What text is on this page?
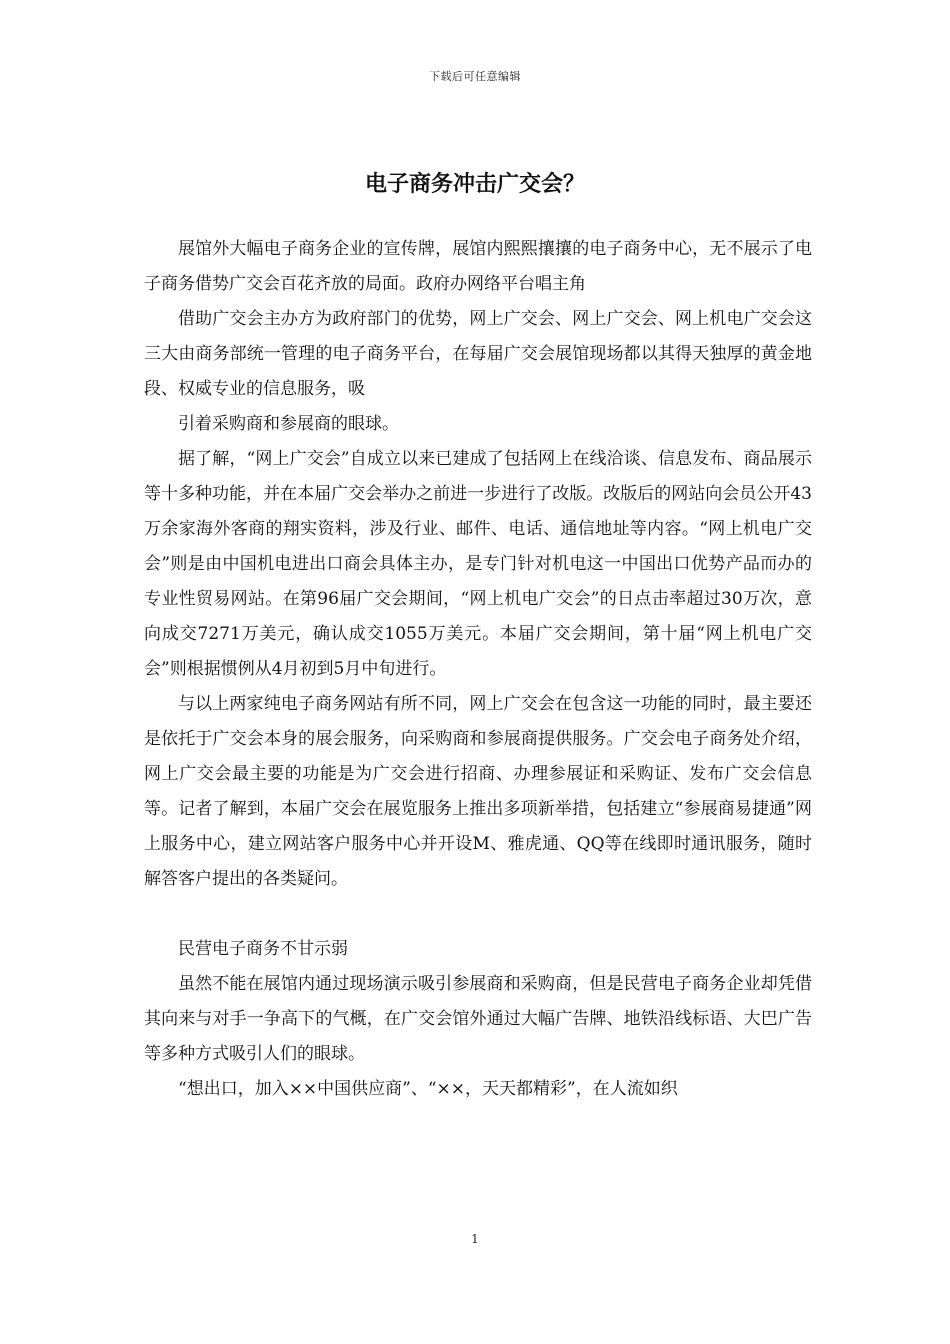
下载后可任意编辑
电子商务冲击广交会？

展馆外大幅电子商务企业的宣传牌，展馆内熙熙攘攘的电子商务中心，无不展示了电子商务借势广交会百花齐放的局面。政府办网络平台唱主角

借助广交会主办方为政府部门的优势，网上广交会、网上广交会、网上机电广交会这三大由商务部统一管理的电子商务平台，在每届广交会展馆现场都以其得天独厚的黄金地段、权威专业的信息服务，吸

引着采购商和参展商的眼球。

据了解，“网上广交会”自成立以来已建成了包括网上在线洽谈、信息发布、商品展示等十多种功能，并在本届广交会举办之前进一步进行了改版。改版后的网站向会员公开43万余家海外客商的翔实资料，涉及行业、邮件、电话、通信地址等内容。“网上机电广交会”则是由中国机电进出口商会具体主办，是专门针对机电这一中国出口优势产品而办的专业性贸易网站。在第96届广交会期间，“网上机电广交会”的日点击率超过30万次，意向成交7271万美元，确认成交1055万美元。本届广交会期间，第十届“网上机电广交会”则根据惯例从4月初到5月中旬进行。

与以上两家纯电子商务网站有所不同，网上广交会在包含这一功能的同时，最主要还是依托于广交会本身的展会服务，向采购商和参展商提供服务。广交会电子商务处介绍，网上广交会最主要的功能是为广交会进行招商、办理参展证和采购证、发布广交会信息等。记者了解到，本届广交会在展览服务上推出多项新举措，包括建立“参展商易捷通”网上服务中心，建立网站客户服务中心并开设M、雅虎通、QQ等在线即时通讯服务，随时解答客户提出的各类疑问。

民营电子商务不甘示弱

虽然不能在展馆内通过现场演示吸引参展商和采购商，但是民营电子商务企业却凭借其向来与对手一争高下的气概，在广交会馆外通过大幅广告牌、地铁沿线标语、大巴广告等多种方式吸引人们的眼球。

“想出口，加入××中国供应商”、“××，天天都精彩”，在人流如织

1
